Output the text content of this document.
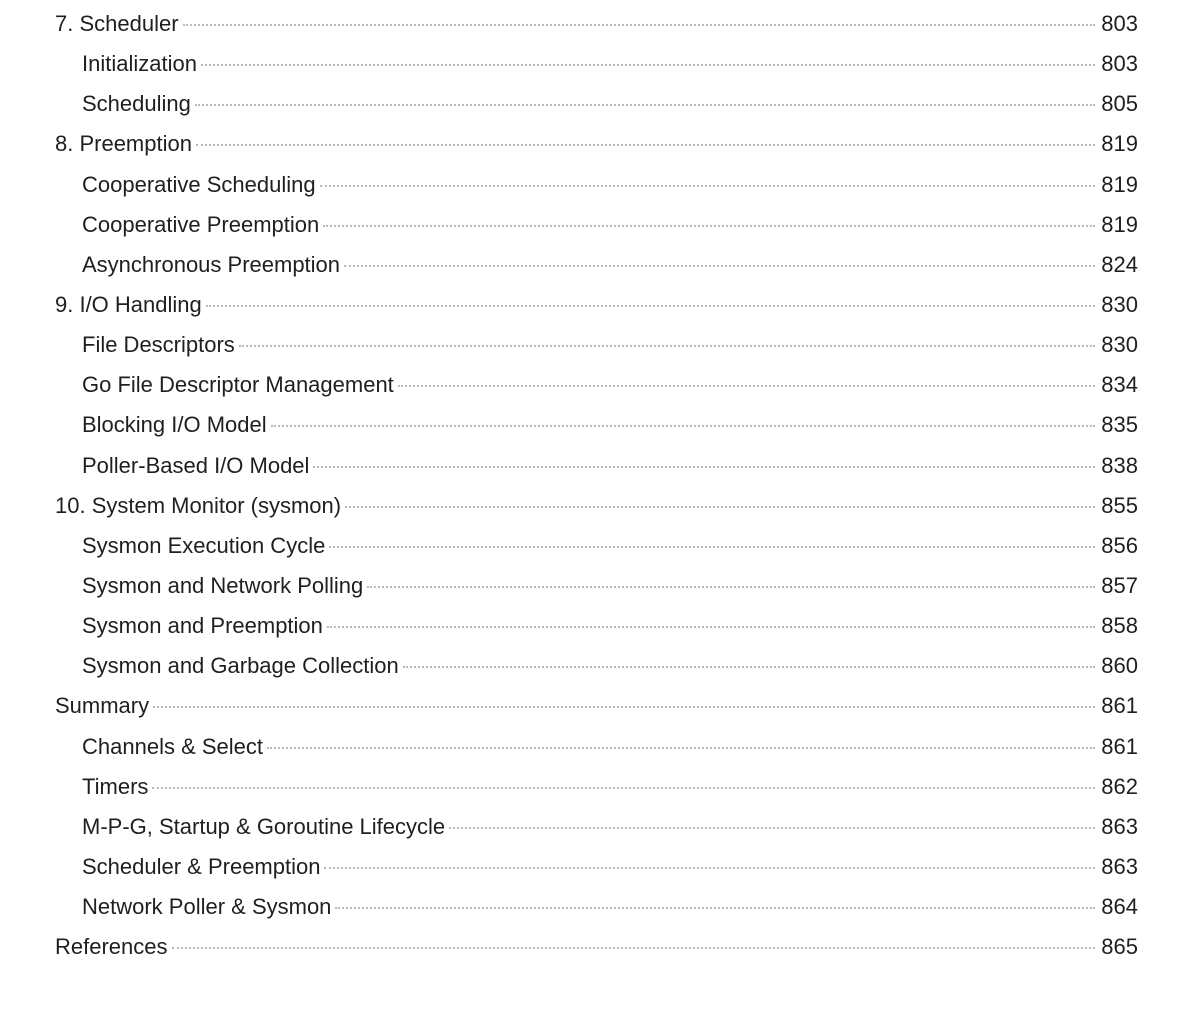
7. Scheduler	803
Initialization	803
Scheduling	805
8. Preemption	819
Cooperative Scheduling	819
Cooperative Preemption	819
Asynchronous Preemption	824
9. I/O Handling	830
File Descriptors	830
Go File Descriptor Management	834
Blocking I/O Model	835
Poller-Based I/O Model	838
10. System Monitor (sysmon)	855
Sysmon Execution Cycle	856
Sysmon and Network Polling	857
Sysmon and Preemption	858
Sysmon and Garbage Collection	860
Summary	861
Channels & Select	861
Timers	862
M-P-G, Startup & Goroutine Lifecycle	863
Scheduler & Preemption	863
Network Poller & Sysmon	864
References	865
